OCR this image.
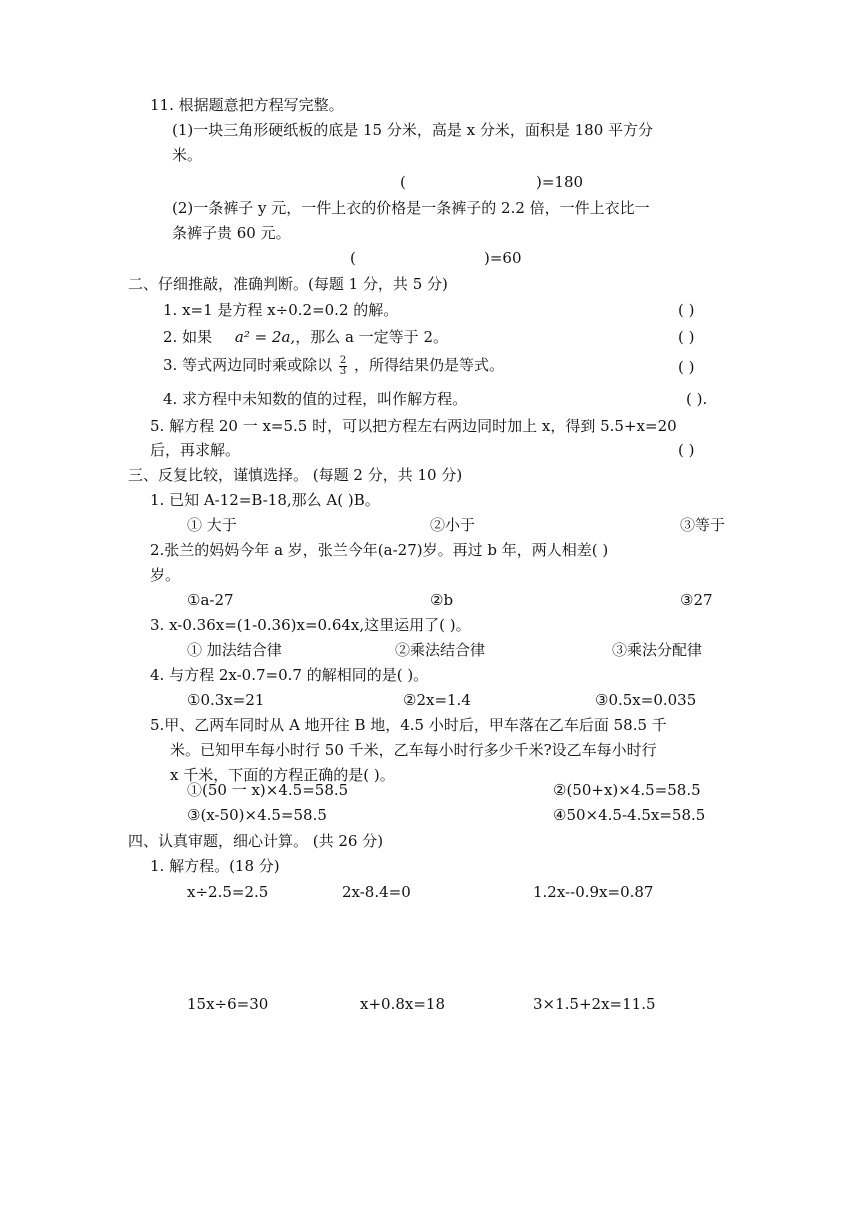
11. 根据题意把方程写完整。
(1)一块三角形硬纸板的底是 15 分米，高是 x 分米，面积是 180 平方分
米。
(	)=180
(2)一条裤子 y 元，一件上衣的价格是一条裤子的 2.2 倍，一件上衣比一
条裤子贵 60 元。
(	)=60
二、仔细推敲，准确判断。(每题 1 分，共 5 分)
1. x=1 是方程 x÷0.2=0.2 的解。	( )
2. 如果 a² = 2a,，那么 a 一定等于 2。	( )
3. 等式两边同时乘或除以 $\frac{2}{3}$ ，所得结果仍是等式。	( )
4. 求方程中未知数的值的过程，叫作解方程。	( ).
5. 解方程 20 一 x=5.5 时，可以把方程左右两边同时加上 x，得到 5.5+x=20
后，再求解。	( )
三、反复比较，谨慎选择。 (每题 2 分，共 10 分)
1. 已知 A-12=B-18,那么 A( )B。
① 大于	②小于	③等于
2.张兰的妈妈今年 a 岁，张兰今年(a-27)岁。再过 b 年，两人相差( )
岁。
①a-27	②b	③27
3. x-0.36x=(1-0.36)x=0.64x,这里运用了( )。
① 加法结合律	②乘法结合律	③乘法分配律
4. 与方程 2x-0.7=0.7 的解相同的是( )。
①0.3x=21	②2x=1.4	③0.5x=0.035
5.甲、乙两车同时从 A 地开往 B 地，4.5 小时后，甲车落在乙车后面 58.5 千
米。已知甲车每小时行 50 千米，乙车每小时行多少千米?设乙车每小时行
x 千米，下面的方程正确的是( )。
①(50 一 x)×4.5=58.5	②(50+x)×4.5=58.5
③(x-50)×4.5=58.5	④50×4.5-4.5x=58.5
四、认真审题，细心计算。 (共 26 分)
1. 解方程。(18 分)
x÷2.5=2.5	2x-8.4=0	1.2x--0.9x=0.87
15x÷6=30	x+0.8x=18	3×1.5+2x=11.5
